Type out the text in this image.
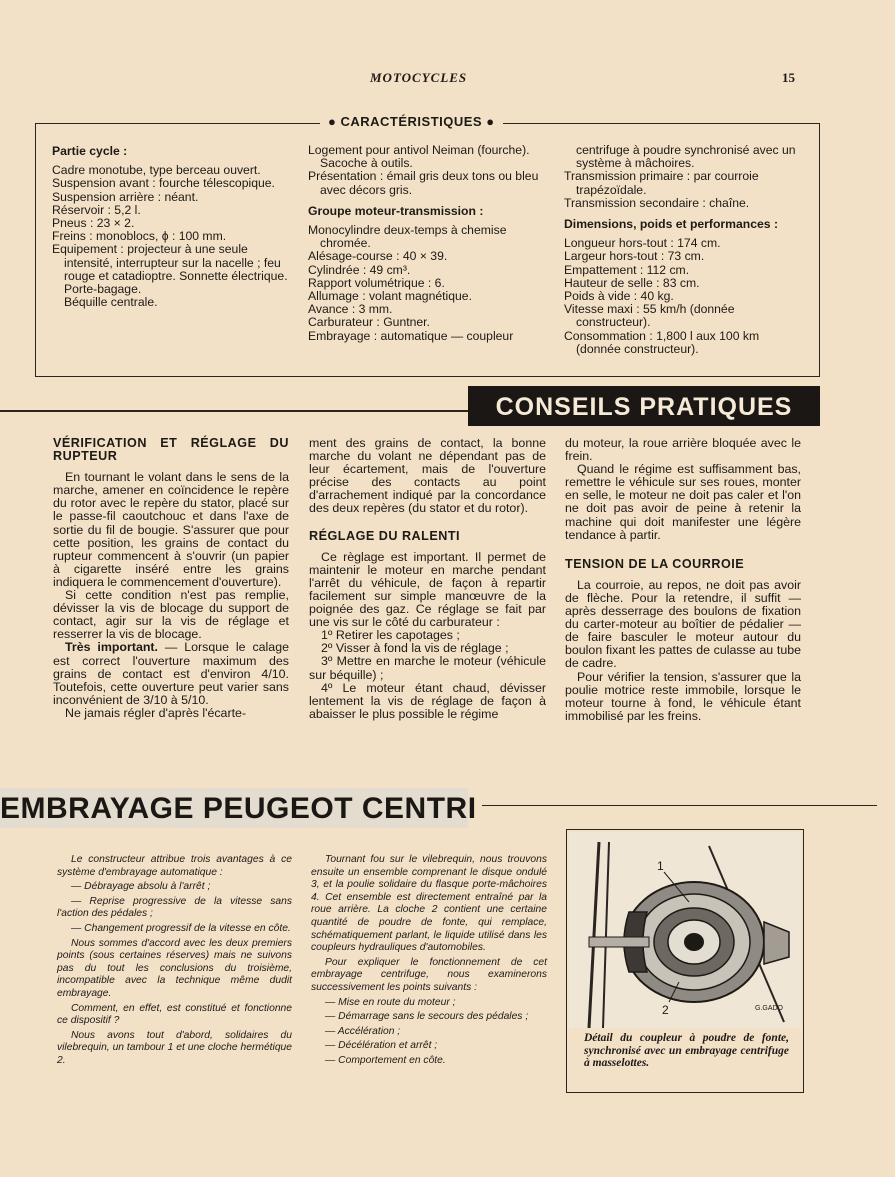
MOTOCYCLES	15
● CARACTÉRISTIQUES ●

Partie cycle :

Cadre monotube, type berceau ouvert.

Suspension avant : fourche télescopique.

Suspension arrière : néant.

Réservoir : 5,2 l.

Pneus : 23 × 2.

Freins : monoblocs, ϕ : 100 mm.

Equipement : projecteur à une seule intensité, interrupteur sur la nacelle ; feu rouge et catadioptre. Sonnette électrique.

Porte-bagage.

Béquille centrale.

Logement pour antivol Neiman (fourche).

Sacoche à outils.

Présentation : émail gris deux tons ou bleu avec décors gris.

Groupe moteur-transmission :

Monocylindre deux-temps à chemise chromée.

Alésage-course : 40 × 39.

Cylindrée : 49 cm³.

Rapport volumétrique : 6.

Allumage : volant magnétique.

Avance : 3 mm.

Carburateur : Guntner.

Embrayage : automatique — coupleur

centrifuge à poudre synchronisé avec un système à mâchoires.

Transmission primaire : par courroie trapézoïdale.

Transmission secondaire : chaîne.

Dimensions, poids et performances :

Longueur hors-tout : 174 cm.

Largeur hors-tout : 73 cm.

Empattement : 112 cm.

Hauteur de selle : 83 cm.

Poids à vide : 40 kg.

Vitesse maxi : 55 km/h (donnée constructeur).

Consommation : 1,800 l aux 100 km (donnée constructeur).

CONSEILS PRATIQUES

VÉRIFICATION ET RÉGLAGE DU RUPTEUR

En tournant le volant dans le sens de la marche, amener en coïncidence le repère du rotor avec le repère du stator, placé sur le passe-fil caoutchouc et dans l'axe de sortie du fil de bougie. S'assurer que pour cette position, les grains de contact du rupteur commencent à s'ouvrir (un papier à cigarette inséré entre les grains indiquera le commencement d'ouverture).

Si cette condition n'est pas remplie, dévisser la vis de blocage du support de contact, agir sur la vis de réglage et resserrer la vis de blocage.

Très important. — Lorsque le calage est correct l'ouverture maximum des grains de contact est d'environ 4/10. Toutefois, cette ouverture peut varier sans inconvénient de 3/10 à 5/10.

Ne jamais régler d'après l'écarte-

ment des grains de contact, la bonne marche du volant ne dépendant pas de leur écartement, mais de l'ouverture précise des contacts au point d'arrachement indiqué par la concordance des deux repères (du stator et du rotor).

RÉGLAGE DU RALENTI

Ce règlage est important. Il permet de maintenir le moteur en marche pendant l'arrêt du véhicule, de façon à repartir facilement sur simple manœuvre de la poignée des gaz. Ce réglage se fait par une vis sur le côté du carburateur :

1º Retirer les capotages ;

2º Visser à fond la vis de réglage ;

3º Mettre en marche le moteur (véhicule sur béquille) ;

4º Le moteur étant chaud, dévisser lentement la vis de réglage de façon à abaisser le plus possible le régime

du moteur, la roue arrière bloquée avec le frein.

Quand le régime est suffisamment bas, remettre le véhicule sur ses roues, monter en selle, le moteur ne doit pas caler et l'on ne doit pas avoir de peine à retenir la machine qui doit manifester une légère tendance à partir.

TENSION DE LA COURROIE

La courroie, au repos, ne doit pas avoir de flèche. Pour la retendre, il suffit — après desserrage des boulons de fixation du carter-moteur au boîtier de pédalier — de faire basculer le moteur autour du boulon fixant les pattes de culasse au tube de cadre.

Pour vérifier la tension, s'assurer que la poulie motrice reste immobile, lorsque le moteur tourne à fond, le véhicule étant immobilisé par les freins.

EMBRAYAGE PEUGEOT CENTRI

Le constructeur attribue trois avantages à ce système d'embrayage automatique :

— Débrayage absolu à l'arrêt ;

— Reprise progressive de la vitesse sans l'action des pédales ;

— Changement progressif de la vitesse en côte.

Nous sommes d'accord avec les deux premiers points (sous certaines réserves) mais ne suivons pas du tout les conclusions du troisième, incompatible avec la technique même dudit embrayage.

Comment, en effet, est constitué et fonctionne ce dispositif ?

Nous avons tout d'abord, solidaires du vilebrequin, un tambour 1 et une cloche hermétique 2.

Tournant fou sur le vilebrequin, nous trouvons ensuite un ensemble comprenant le disque ondulé 3, et la poulie solidaire du flasque porte-mâchoires 4. Cet ensemble est directement entraîné par la roue arrière. La cloche 2 contient une certaine quantité de poudre de fonte, qui remplace, schématiquement parlant, le liquide utilisé dans les coupleurs hydrauliques d'automobiles.

Pour expliquer le fonctionnement de cet embrayage centrifuge, nous examinerons successivement les points suivants :

— Mise en route du moteur ;

— Démarrage sans le secours des pédales ;

— Accélération ;

— Décélération et arrêt ;

— Comportement en côte.

1
2	G.GADO
Détail du coupleur à poudre de fonte, synchronisé avec un embrayage centrifuge à masselottes.
